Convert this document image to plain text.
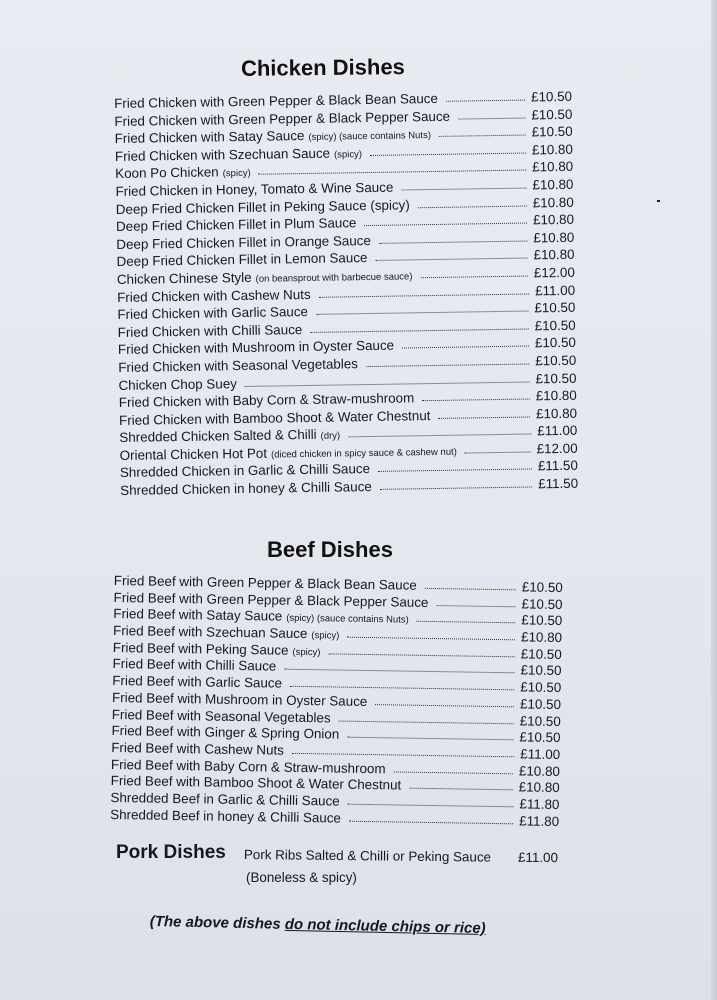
Chicken Dishes
Fried Chicken with Green Pepper & Black Bean Sauce	£10.50
Fried Chicken with Green Pepper & Black Pepper Sauce	£10.50
Fried Chicken with Satay Sauce (spicy) (sauce contains Nuts)	£10.50
Fried Chicken with Szechuan Sauce (spicy)	£10.80
Koon Po Chicken (spicy)	£10.80
Fried Chicken in Honey, Tomato & Wine Sauce	£10.80
Deep Fried Chicken Fillet in Peking Sauce (spicy)	£10.80
Deep Fried Chicken Fillet in Plum Sauce	£10.80
Deep Fried Chicken Fillet in Orange Sauce	£10.80
Deep Fried Chicken Fillet in Lemon Sauce	£10.80
Chicken Chinese Style (on beansprout with barbecue sauce)	£12.00
Fried Chicken with Cashew Nuts	£11.00
Fried Chicken with Garlic Sauce	£10.50
Fried Chicken with Chilli Sauce	£10.50
Fried Chicken with Mushroom in Oyster Sauce	£10.50
Fried Chicken with Seasonal Vegetables	£10.50
Chicken Chop Suey	£10.50
Fried Chicken with Baby Corn & Straw-mushroom	£10.80
Fried Chicken with Bamboo Shoot & Water Chestnut	£10.80
Shredded Chicken Salted & Chilli (dry)	£11.00
Oriental Chicken Hot Pot (diced chicken in spicy sauce & cashew nut)	£12.00
Shredded Chicken in Garlic & Chilli Sauce	£11.50
Shredded Chicken in honey & Chilli Sauce	£11.50
Beef Dishes
Fried Beef with Green Pepper & Black Bean Sauce	£10.50
Fried Beef with Green Pepper & Black Pepper Sauce	£10.50
Fried Beef with Satay Sauce (spicy) (sauce contains Nuts)	£10.50
Fried Beef with Szechuan Sauce (spicy)	£10.80
Fried Beef with Peking Sauce (spicy)	£10.50
Fried Beef with Chilli Sauce	£10.50
Fried Beef with Garlic Sauce	£10.50
Fried Beef with Mushroom in Oyster Sauce	£10.50
Fried Beef with Seasonal Vegetables	£10.50
Fried Beef with Ginger & Spring Onion	£10.50
Fried Beef with Cashew Nuts	£11.00
Fried Beef with Baby Corn & Straw-mushroom	£10.80
Fried Beef with Bamboo Shoot & Water Chestnut	£10.80
Shredded Beef in Garlic & Chilli Sauce	£11.80
Shredded Beef in honey & Chilli Sauce	£11.80
Pork Dishes Pork Ribs Salted & Chilli or Peking Sauce £11.00
(Boneless & spicy)

(The above dishes do not include chips or rice)
